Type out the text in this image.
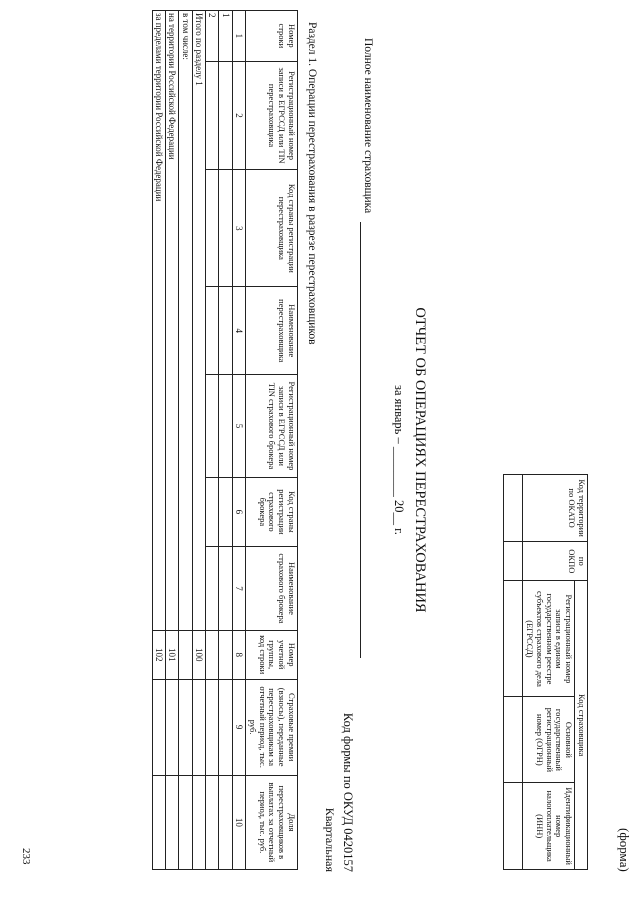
(форма)
Код территории по ОКАТО	по ОКПО	Код страховщика		
		Регистрационный номер записи в едином государственном реестре субъектов страхового дела (ЕГРССД)	Основной государственный регистрационный номер (ОГРН)	Идентификационный номер налогоплательщика (ИНН)

ОТЧЕТ ОБ ОПЕРАЦИЯХ ПЕРЕСТРАХОВАНИЯ
за январь – ________ 20__ г.
Полное наименование страховщика
Код формы по ОКУД 0420157
Квартальная
Раздел 1. Операции перестрахования в разрезе перестраховщиков
Номер строки	Регистрационный номер записи в ЕГРССД или TIN перестраховщика	Код страны регистрации перестраховщика	Наименование перестраховщика	Регистрационный номер записи в ЕГРССД или TIN страхового брокера	Код страны регистрации страхового брокера	Наименование страхового брокера	Номер учетной группы, код строки	Страховые премии (взносы), переданные перестраховщикам за отчетный период, тыс. руб.	Доля перестраховщиков в выплатах за отчетный период, тыс. руб.
1	2	3	4	5	6	7	8	9	10
1									
2									
Итого по разделу 1							100		
в том числе:									
на территории Российской Федерации							101		
за пределами территории Российской Федерации							102		
233
